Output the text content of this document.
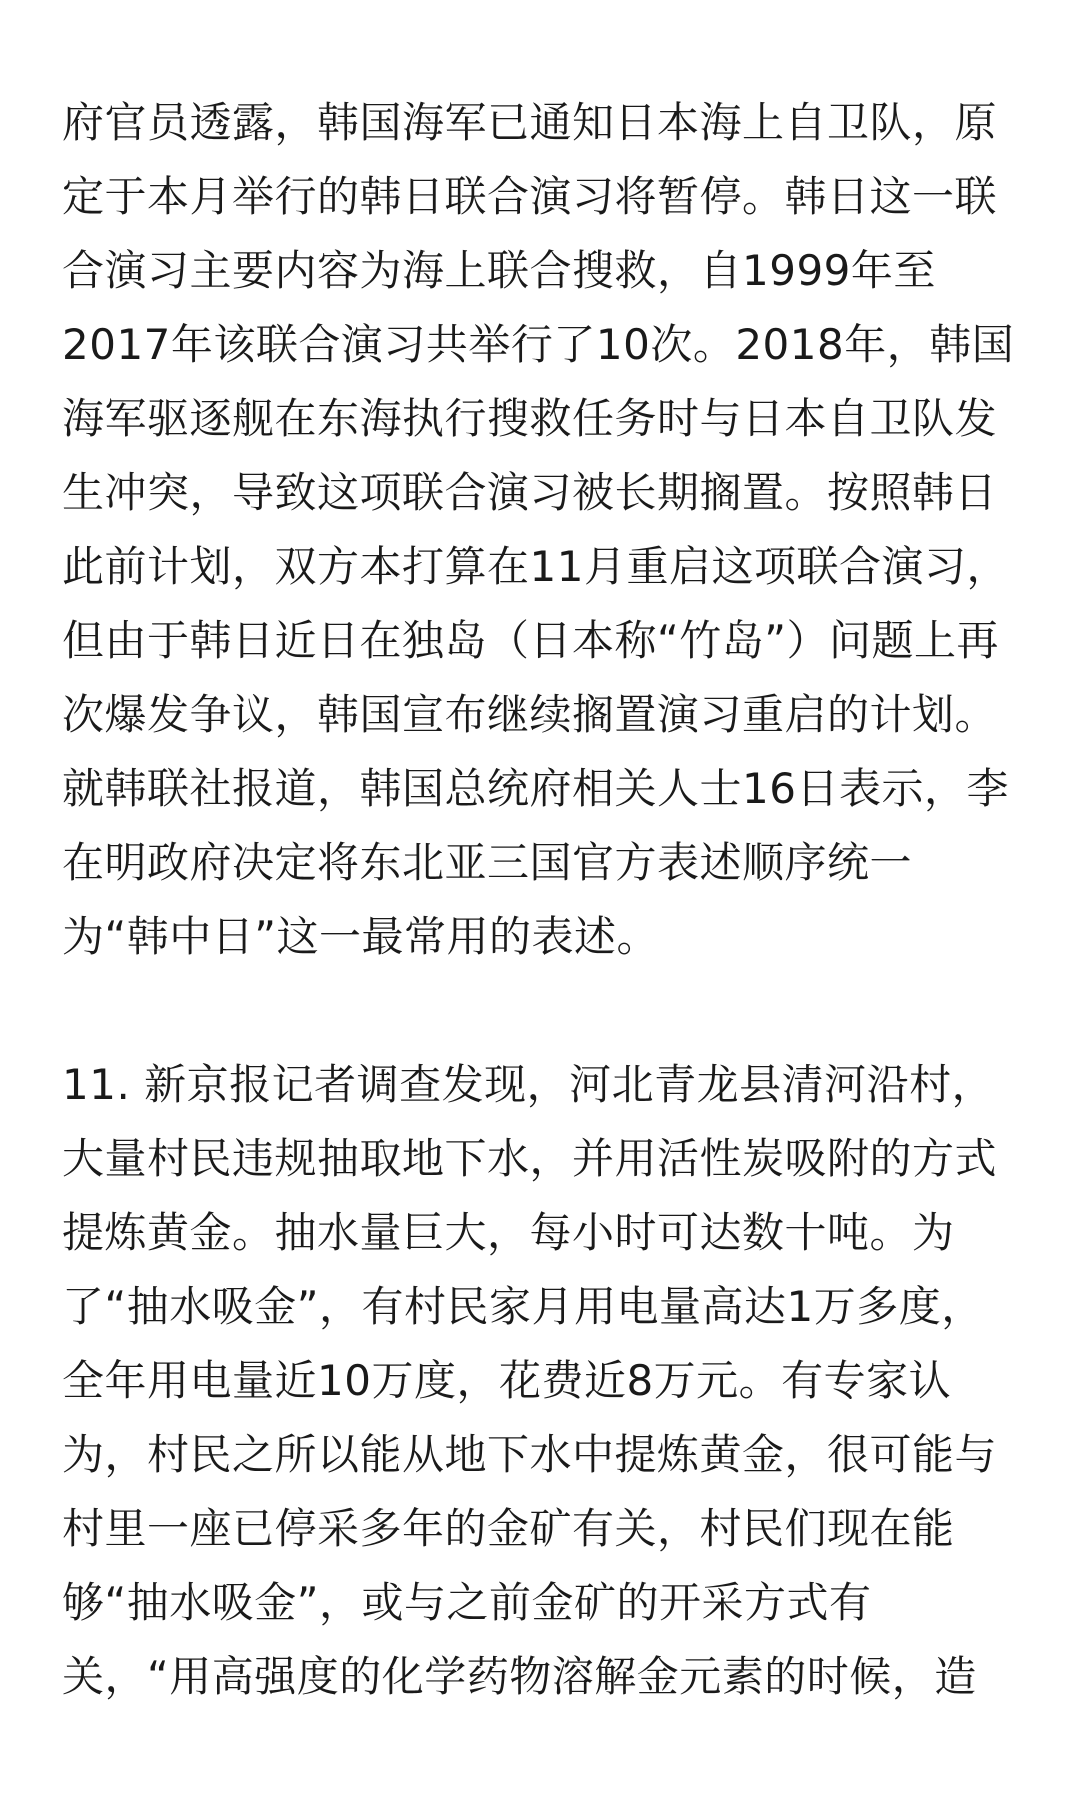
府官员透露，韩国海军已通知日本海上自卫队，原
定于本月举行的韩日联合演习将暂停。韩日这一联
合演习主要内容为海上联合搜救，自1999年至
2017年该联合演习共举行了10次。2018年，韩国
海军驱逐舰在东海执行搜救任务时与日本自卫队发
生冲突，导致这项联合演习被长期搁置。按照韩日
此前计划，双方本打算在11月重启这项联合演习，
但由于韩日近日在独岛（日本称“竹岛”）问题上再
次爆发争议，韩国宣布继续搁置演习重启的计划。
就韩联社报道，韩国总统府相关人士16日表示，李
在明政府决定将东北亚三国官方表述顺序统一
为“韩中日”这一最常用的表述。
11. 新京报记者调查发现，河北青龙县清河沿村，
大量村民违规抽取地下水，并用活性炭吸附的方式
提炼黄金。抽水量巨大，每小时可达数十吨。为
了“抽水吸金”，有村民家月用电量高达1万多度，
全年用电量近10万度，花费近8万元。有专家认
为，村民之所以能从地下水中提炼黄金，很可能与
村里一座已停采多年的金矿有关，村民们现在能
够“抽水吸金”，或与之前金矿的开采方式有
关，“用高强度的化学药物溶解金元素的时候，造
